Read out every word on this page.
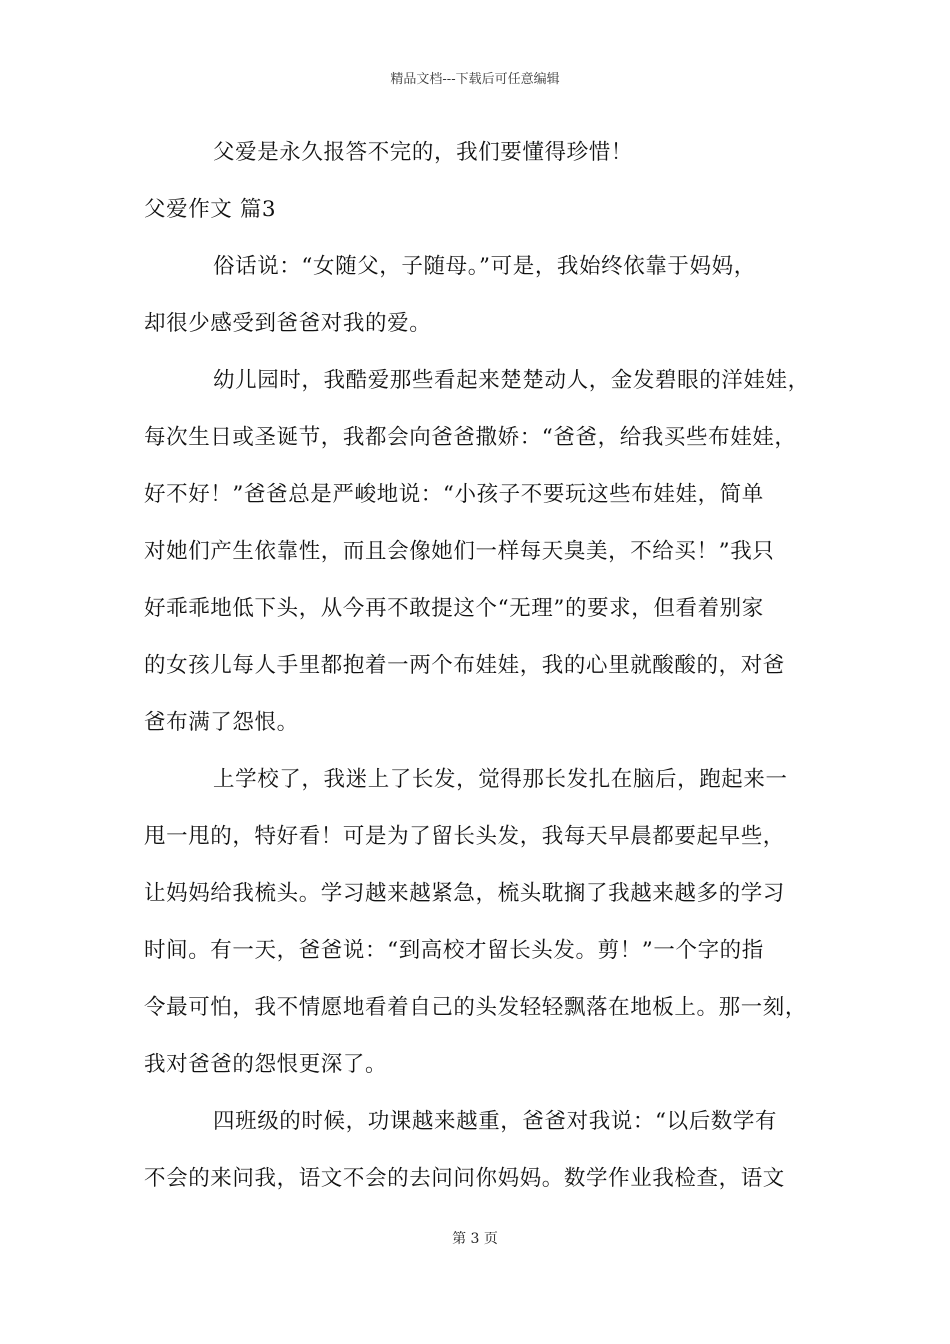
精品文档---下载后可任意编辑
父爱是永久报答不完的，我们要懂得珍惜！
父爱作文 篇3
俗话说：“女随父，子随母。”可是，我始终依靠于妈妈，
却很少感受到爸爸对我的爱。
幼儿园时，我酷爱那些看起来楚楚动人，金发碧眼的洋娃娃，
每次生日或圣诞节，我都会向爸爸撒娇：“爸爸，给我买些布娃娃，
好不好！”爸爸总是严峻地说：“小孩子不要玩这些布娃娃，简单
对她们产生依靠性，而且会像她们一样每天臭美，不给买！”我只
好乖乖地低下头，从今再不敢提这个“无理”的要求，但看着别家
的女孩儿每人手里都抱着一两个布娃娃，我的心里就酸酸的，对爸
爸布满了怨恨。
上学校了，我迷上了长发，觉得那长发扎在脑后，跑起来一
甩一甩的，特好看！可是为了留长头发，我每天早晨都要起早些，
让妈妈给我梳头。学习越来越紧急，梳头耽搁了我越来越多的学习
时间。有一天，爸爸说：“到高校才留长头发。剪！”一个字的指
令最可怕，我不情愿地看着自己的头发轻轻飘落在地板上。那一刻，
我对爸爸的怨恨更深了。
四班级的时候，功课越来越重，爸爸对我说：“以后数学有
不会的来问我，语文不会的去问问你妈妈。数学作业我检查，语文
第 3 页
